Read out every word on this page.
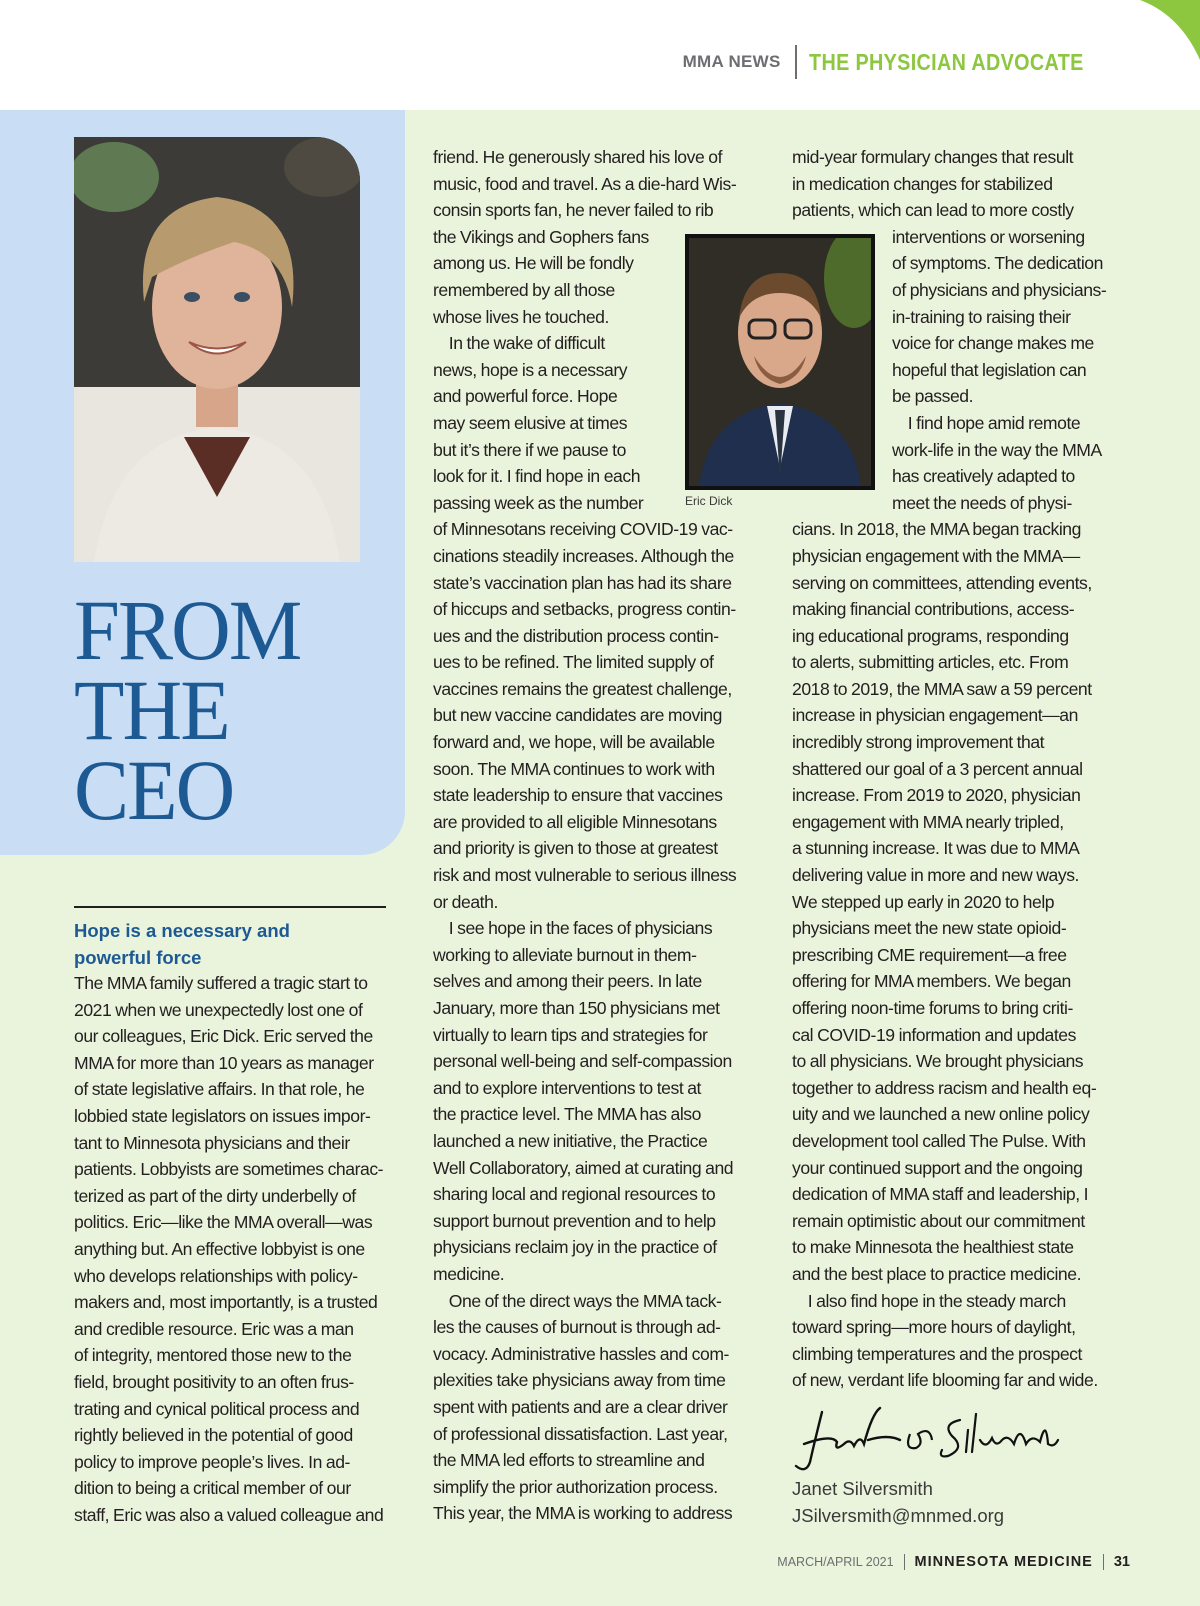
MMA NEWS	THE PHYSICIAN ADVOCATE
Eric Dick
FROM
THE
CEO
Hope is a necessary and
powerful force
The MMA family suffered a tragic start to
2021 when we unexpectedly lost one of
our colleagues, Eric Dick. Eric served the
MMA for more than 10 years as manager
of state legislative affairs. In that role, he
lobbied state legislators on issues impor-
tant to Minnesota physicians and their
patients. Lobbyists are sometimes charac-
terized as part of the dirty underbelly of
politics. Eric—like the MMA overall—was
anything but. An effective lobbyist is one
who develops relationships with policy-
makers and, most importantly, is a trusted
and credible resource. Eric was a man
of integrity, mentored those new to the
field, brought positivity to an often frus-
trating and cynical political process and
rightly believed in the potential of good
policy to improve people’s lives. In ad-
dition to being a critical member of our
staff, Eric was also a valued colleague and
friend. He generously shared his love of
music, food and travel. As a die-hard Wis-
consin sports fan, he never failed to rib
the Vikings and Gophers fans
among us. He will be fondly
remembered by all those
whose lives he touched.
In the wake of difficult
news, hope is a necessary
and powerful force. Hope
may seem elusive at times
but it’s there if we pause to
look for it. I find hope in each
passing week as the number
of Minnesotans receiving COVID-19 vac-
cinations steadily increases. Although the
state’s vaccination plan has had its share
of hiccups and setbacks, progress contin-
ues and the distribution process contin-
ues to be refined. The limited supply of
vaccines remains the greatest challenge,
but new vaccine candidates are moving
forward and, we hope, will be available
soon. The MMA continues to work with
state leadership to ensure that vaccines
are provided to all eligible Minnesotans
and priority is given to those at greatest
risk and most vulnerable to serious illness
or death.
I see hope in the faces of physicians
working to alleviate burnout in them-
selves and among their peers. In late
January, more than 150 physicians met
virtually to learn tips and strategies for
personal well-being and self-compassion
and to explore interventions to test at
the practice level. The MMA has also
launched a new initiative, the Practice
Well Collaboratory, aimed at curating and
sharing local and regional resources to
support burnout prevention and to help
physicians reclaim joy in the practice of
medicine.
One of the direct ways the MMA tack-
les the causes of burnout is through ad-
vocacy. Administrative hassles and com-
plexities take physicians away from time
spent with patients and are a clear driver
of professional dissatisfaction. Last year,
the MMA led efforts to streamline and
simplify the prior authorization process.
This year, the MMA is working to address
mid-year formulary changes that result
in medication changes for stabilized
patients, which can lead to more costly
interventions or worsening
of symptoms. The dedication
of physicians and physicians-
in-training to raising their
voice for change makes me
hopeful that legislation can
be passed.
I find hope amid remote
work-life in the way the MMA
has creatively adapted to
meet the needs of physi-
cians. In 2018, the MMA began tracking
physician engagement with the MMA—
serving on committees, attending events,
making financial contributions, access-
ing educational programs, responding
to alerts, submitting articles, etc. From
2018 to 2019, the MMA saw a 59 percent
increase in physician engagement—an
incredibly strong improvement that
shattered our goal of a 3 percent annual
increase. From 2019 to 2020, physician
engagement with MMA nearly tripled,
a stunning increase. It was due to MMA
delivering value in more and new ways.
We stepped up early in 2020 to help
physicians meet the new state opioid-
prescribing CME requirement—a free
offering for MMA members. We began
offering noon-time forums to bring criti-
cal COVID-19 information and updates
to all physicians. We brought physicians
together to address racism and health eq-
uity and we launched a new online policy
development tool called The Pulse. With
your continued support and the ongoing
dedication of MMA staff and leadership, I
remain optimistic about our commitment
to make Minnesota the healthiest state
and the best place to practice medicine.
I also find hope in the steady march
toward spring—more hours of daylight,
climbing temperatures and the prospect
of new, verdant life blooming far and wide.
Janet Silversmith
JSilversmith@mnmed.org
MARCH/APRIL 2021	MINNESOTA MEDICINE	31
